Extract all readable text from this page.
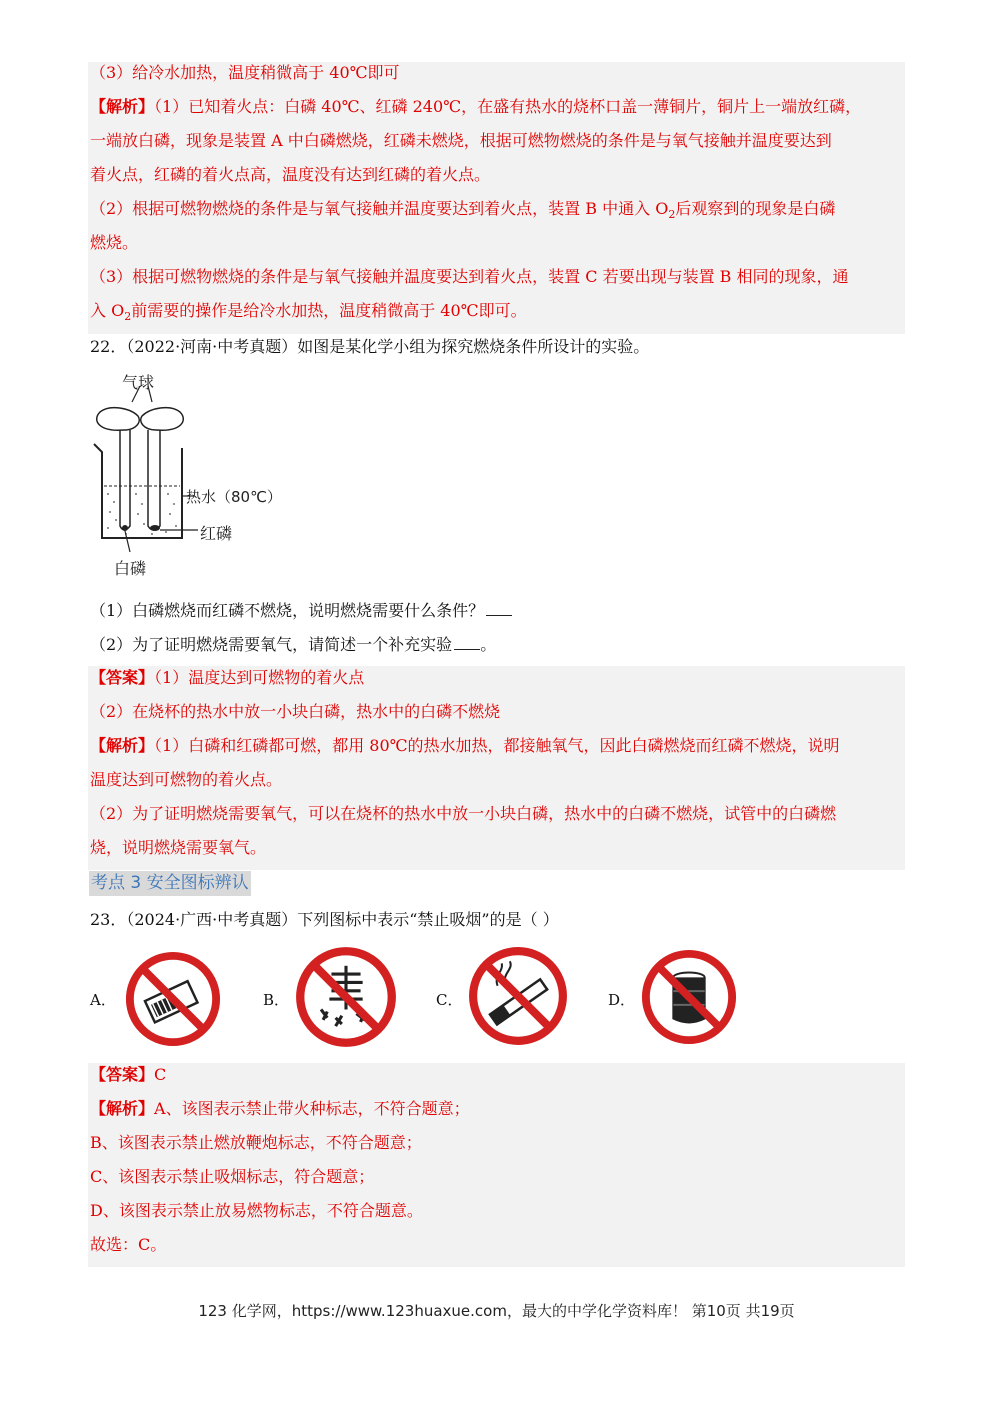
（3）给冷水加热，温度稍微高于 40℃即可
【解析】（1）已知着火点：白磷 40℃、红磷 240℃，在盛有热水的烧杯口盖一薄铜片，铜片上一端放红磷，
一端放白磷，现象是装置 A 中白磷燃烧，红磷未燃烧，根据可燃物燃烧的条件是与氧气接触并温度要达到
着火点，红磷的着火点高，温度没有达到红磷的着火点。
（2）根据可燃物燃烧的条件是与氧气接触并温度要达到着火点，装置 B 中通入 $O_2$后观察到的现象是白磷
燃烧。
（3）根据可燃物燃烧的条件是与氧气接触并温度要达到着火点，装置 C 若要出现与装置 B 相同的现象，通
入 $O_2$前需要的操作是给冷水加热，温度稍微高于 40℃即可。
22．（2022·河南·中考真题）如图是某化学小组为探究燃烧条件所设计的实验。
气球
热水（80℃）
红磷
白磷
（1）白磷燃烧而红磷不燃烧，说明燃烧需要什么条件？
（2）为了证明燃烧需要氧气，请简述一个补充实验 。
【答案】（1）温度达到可燃物的着火点
（2）在烧杯的热水中放一小块白磷，热水中的白磷不燃烧
【解析】（1）白磷和红磷都可燃，都用 80℃的热水加热，都接触氧气，因此白磷燃烧而红磷不燃烧，说明
温度达到可燃物的着火点。
（2）为了证明燃烧需要氧气，可以在烧杯的热水中放一小块白磷，热水中的白磷不燃烧，试管中的白磷燃
烧，说明燃烧需要氧气。
考点 3 安全图标辨认
23．（2024·广西·中考真题）下列图标中表示“禁止吸烟”的是（ ）
A．	B．	C．	D．
【答案】C
【解析】A、该图表示禁止带火种标志，不符合题意；
B、该图表示禁止燃放鞭炮标志，不符合题意；
C、该图表示禁止吸烟标志，符合题意；
D、该图表示禁止放易燃物标志，不符合题意。
故选：C。
123 化学网，https://www.123huaxue.com，最大的中学化学资料库！ 第10页 共19页
